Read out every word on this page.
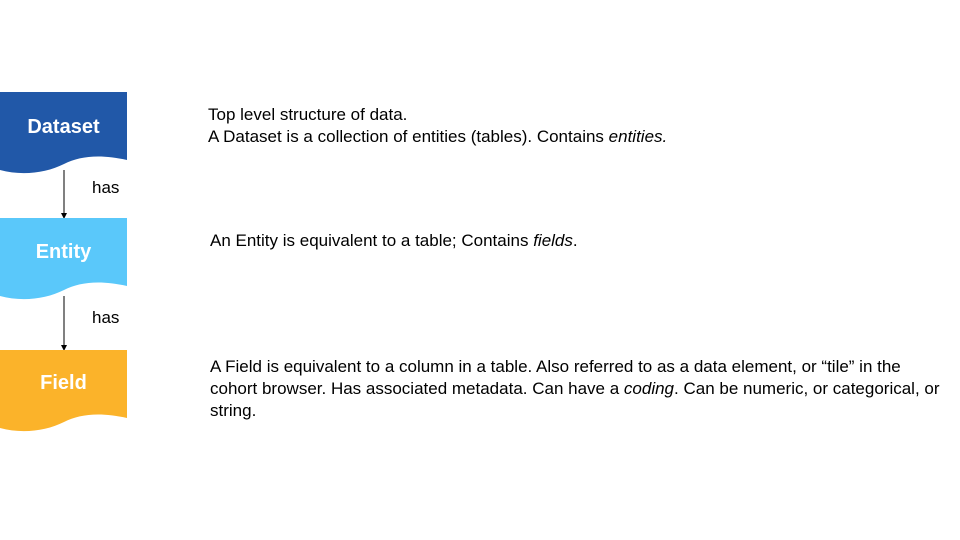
Dataset
has
Entity
has
Field

Top level structure of data.

A Dataset is a collection of entities (tables). Contains entities.

An Entity is equivalent to a table; Contains fields.

A Field is equivalent to a column in a table. Also referred to as a data element, or “tile” in the cohort browser. Has associated metadata. Can have a coding. Can be numeric, or categorical, or string.
